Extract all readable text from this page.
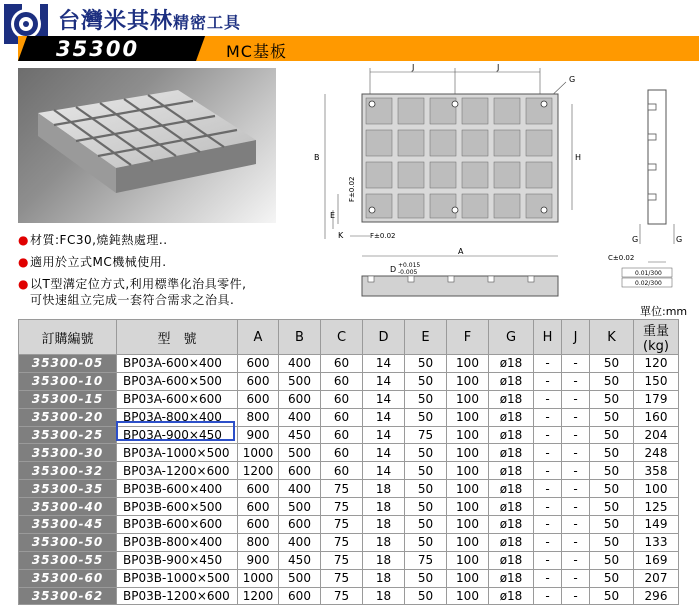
台灣米其林精密工具
35300	MC基板
J	J
G
B
F±0.02
E
K	F±0.02
H
A
D +0.015
-0.005
G	G
C±0.02
0.01/300
0.02/300
● 材質:FC30,燒鈍熱處理..
● 適用於立式MC機械使用.
● 以T型溝定位方式,利用標準化治具零件,
可快速組立完成一套符合需求之治具.
單位:mm
訂購編號	型　號	A	B	C	D	E	F	G	H	J	K	重量
(kg)
35300-05	BP03A-600×400	600	400	60	14	50	100	ø18	-	-	50	120
35300-10	BP03A-600×500	600	500	60	14	50	100	ø18	-	-	50	150
35300-15	BP03A-600×600	600	600	60	14	50	100	ø18	-	-	50	179
35300-20	BP03A-800×400	800	400	60	14	50	100	ø18	-	-	50	160
35300-25	BP03A-900×450	900	450	60	14	75	100	ø18	-	-	50	204
35300-30	BP03A-1000×500	1000	500	60	14	50	100	ø18	-	-	50	248
35300-32	BP03A-1200×600	1200	600	60	14	50	100	ø18	-	-	50	358
35300-35	BP03B-600×400	600	400	75	18	50	100	ø18	-	-	50	100
35300-40	BP03B-600×500	600	500	75	18	50	100	ø18	-	-	50	125
35300-45	BP03B-600×600	600	600	75	18	50	100	ø18	-	-	50	149
35300-50	BP03B-800×400	800	400	75	18	50	100	ø18	-	-	50	133
35300-55	BP03B-900×450	900	450	75	18	75	100	ø18	-	-	50	169
35300-60	BP03B-1000×500	1000	500	75	18	50	100	ø18	-	-	50	207
35300-62	BP03B-1200×600	1200	600	75	18	50	100	ø18	-	-	50	296
